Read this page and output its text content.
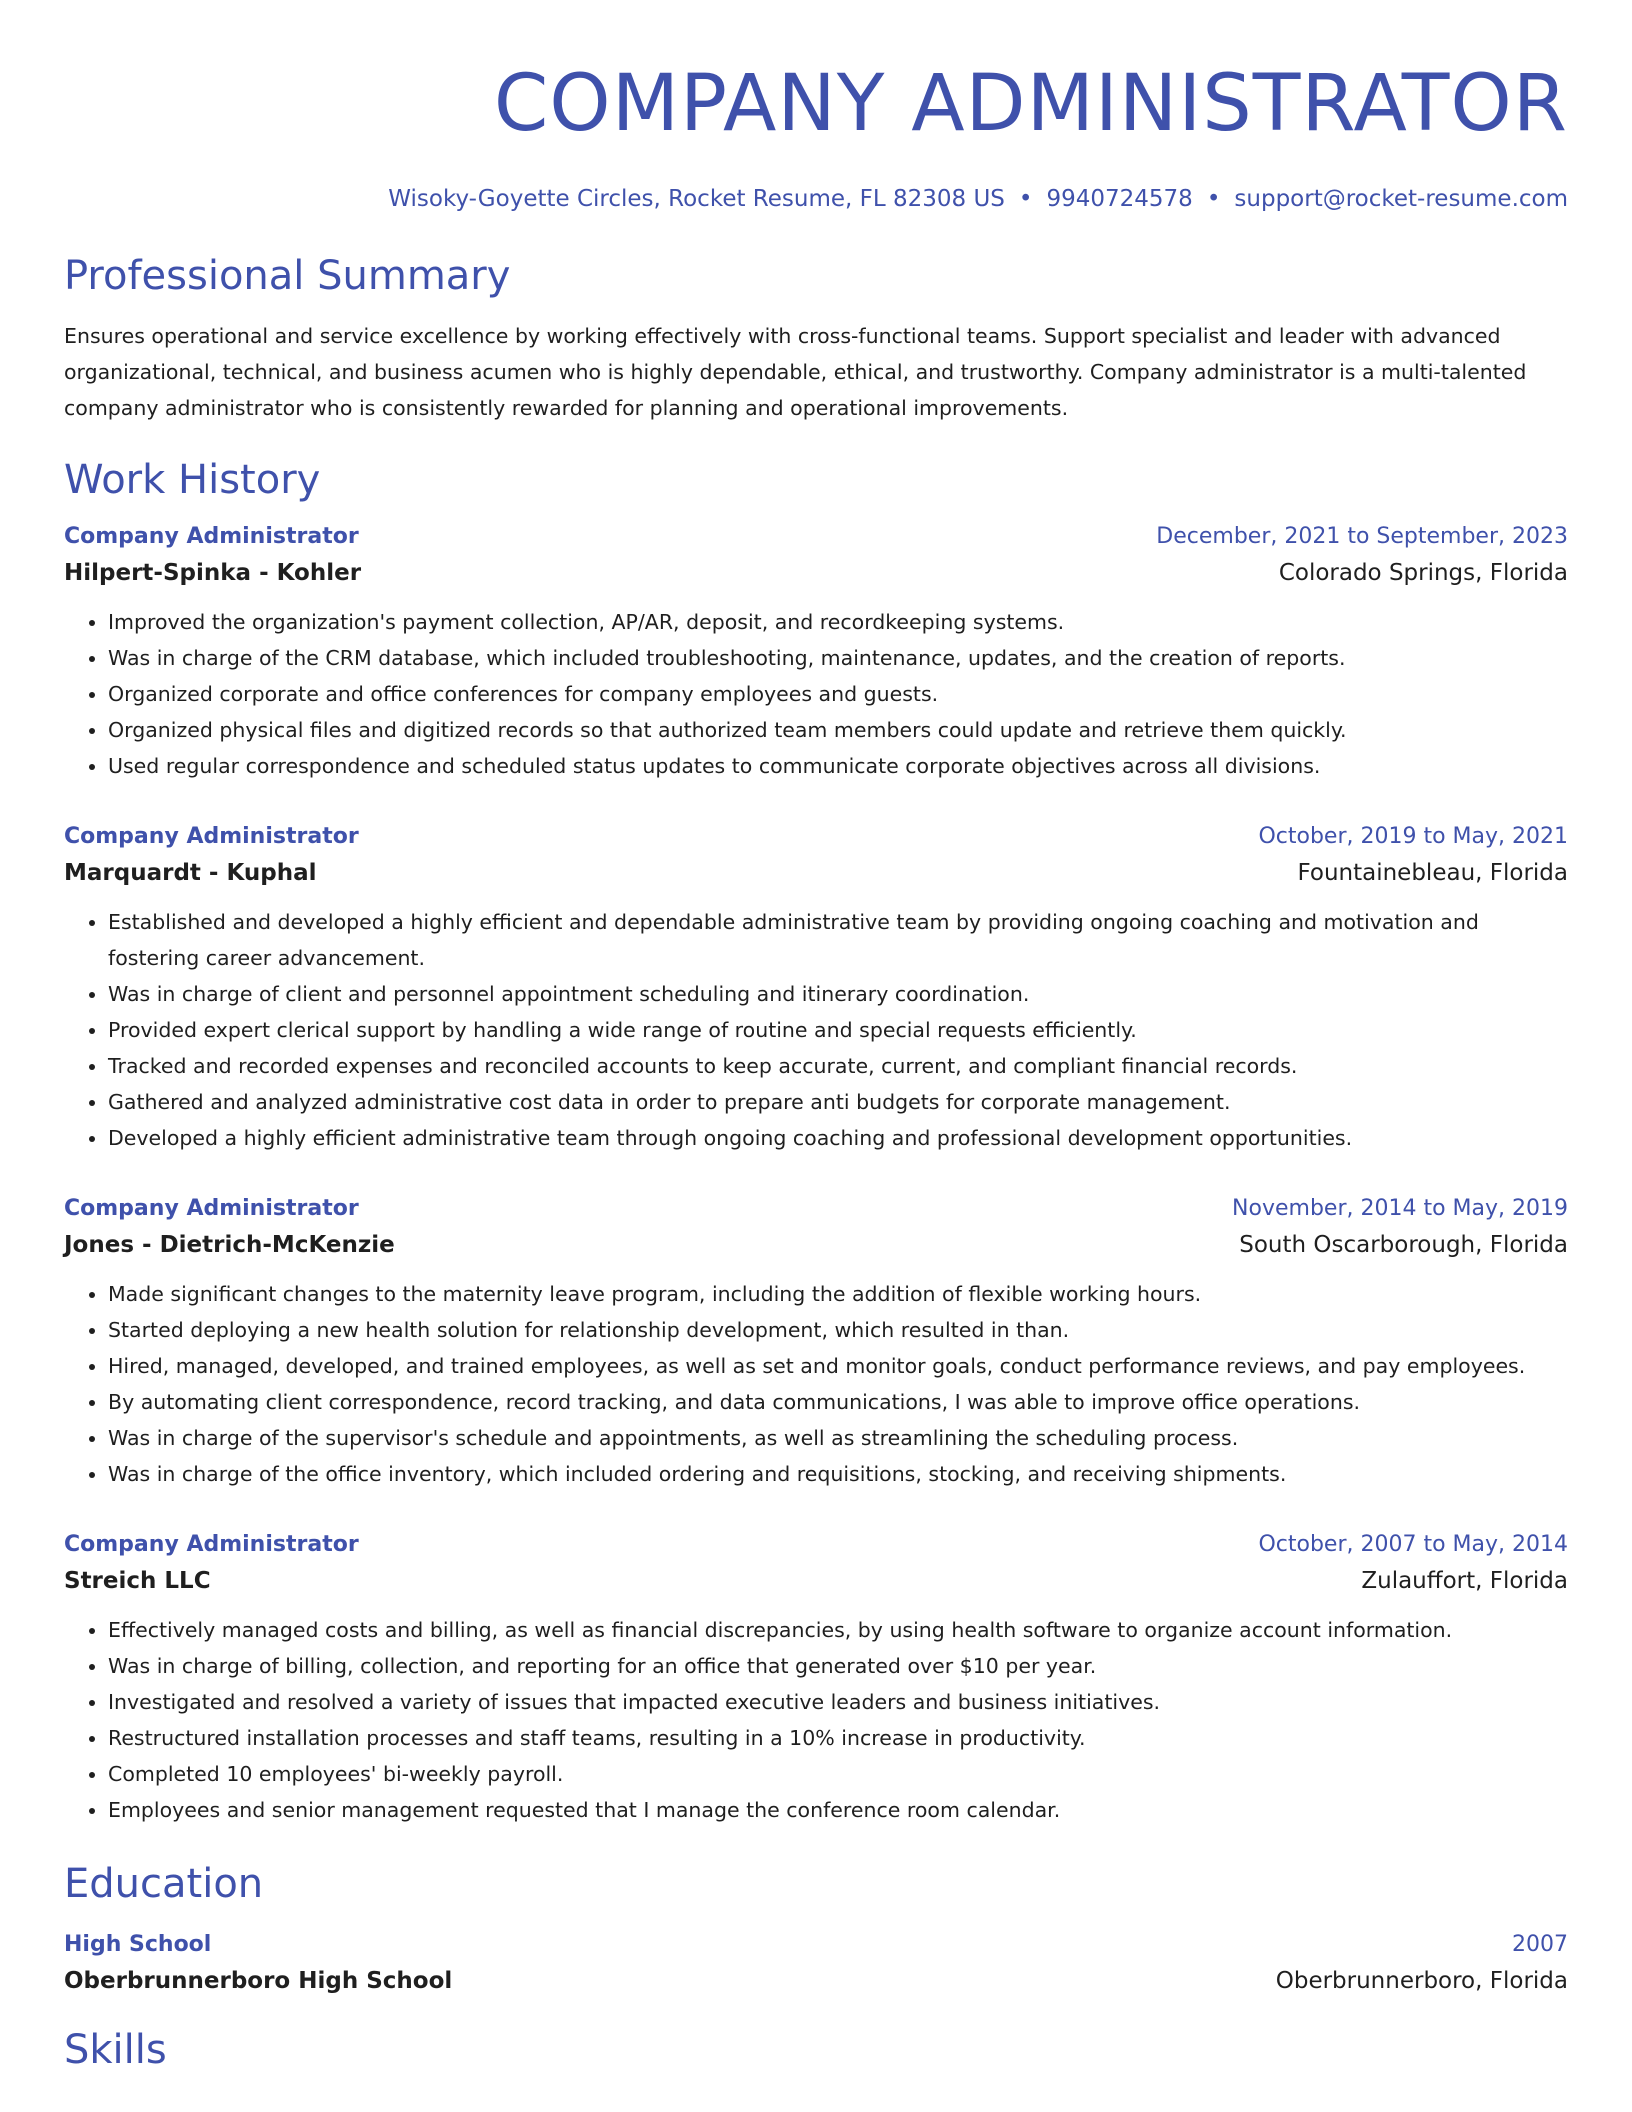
COMPANY ADMINISTRATOR
Wisoky-Goyette Circles, Rocket Resume, FL 82308 US • 9940724578 • support@rocket-resume.com
Professional Summary
Ensures operational and service excellence by working effectively with cross-functional teams. Support specialist and leader with advanced organizational, technical, and business acumen who is highly dependable, ethical, and trustworthy. Company administrator is a multi-talented company administrator who is consistently rewarded for planning and operational improvements.
Work History
Company Administrator	December, 2021 to September, 2023
Hilpert-Spinka - Kohler	Colorado Springs, Florida
• Improved the organization's payment collection, AP/AR, deposit, and recordkeeping systems.
• Was in charge of the CRM database, which included troubleshooting, maintenance, updates, and the creation of reports.
• Organized corporate and office conferences for company employees and guests.
• Organized physical files and digitized records so that authorized team members could update and retrieve them quickly.
• Used regular correspondence and scheduled status updates to communicate corporate objectives across all divisions.
Company Administrator	October, 2019 to May, 2021
Marquardt - Kuphal	Fountainebleau, Florida
• Established and developed a highly efficient and dependable administrative team by providing ongoing coaching and motivation and fostering career advancement.
• Was in charge of client and personnel appointment scheduling and itinerary coordination.
• Provided expert clerical support by handling a wide range of routine and special requests efficiently.
• Tracked and recorded expenses and reconciled accounts to keep accurate, current, and compliant financial records.
• Gathered and analyzed administrative cost data in order to prepare anti budgets for corporate management.
• Developed a highly efficient administrative team through ongoing coaching and professional development opportunities.
Company Administrator	November, 2014 to May, 2019
Jones - Dietrich-McKenzie	South Oscarborough, Florida
• Made significant changes to the maternity leave program, including the addition of flexible working hours.
• Started deploying a new health solution for relationship development, which resulted in than.
• Hired, managed, developed, and trained employees, as well as set and monitor goals, conduct performance reviews, and pay employees.
• By automating client correspondence, record tracking, and data communications, I was able to improve office operations.
• Was in charge of the supervisor's schedule and appointments, as well as streamlining the scheduling process.
• Was in charge of the office inventory, which included ordering and requisitions, stocking, and receiving shipments.
Company Administrator	October, 2007 to May, 2014
Streich LLC	Zulauffort, Florida
• Effectively managed costs and billing, as well as financial discrepancies, by using health software to organize account information.
• Was in charge of billing, collection, and reporting for an office that generated over $10 per year.
• Investigated and resolved a variety of issues that impacted executive leaders and business initiatives.
• Restructured installation processes and staff teams, resulting in a 10% increase in productivity.
• Completed 10 employees' bi-weekly payroll.
• Employees and senior management requested that I manage the conference room calendar.
Education
High School	2007
Oberbrunnerboro High School	Oberbrunnerboro, Florida
Skills
